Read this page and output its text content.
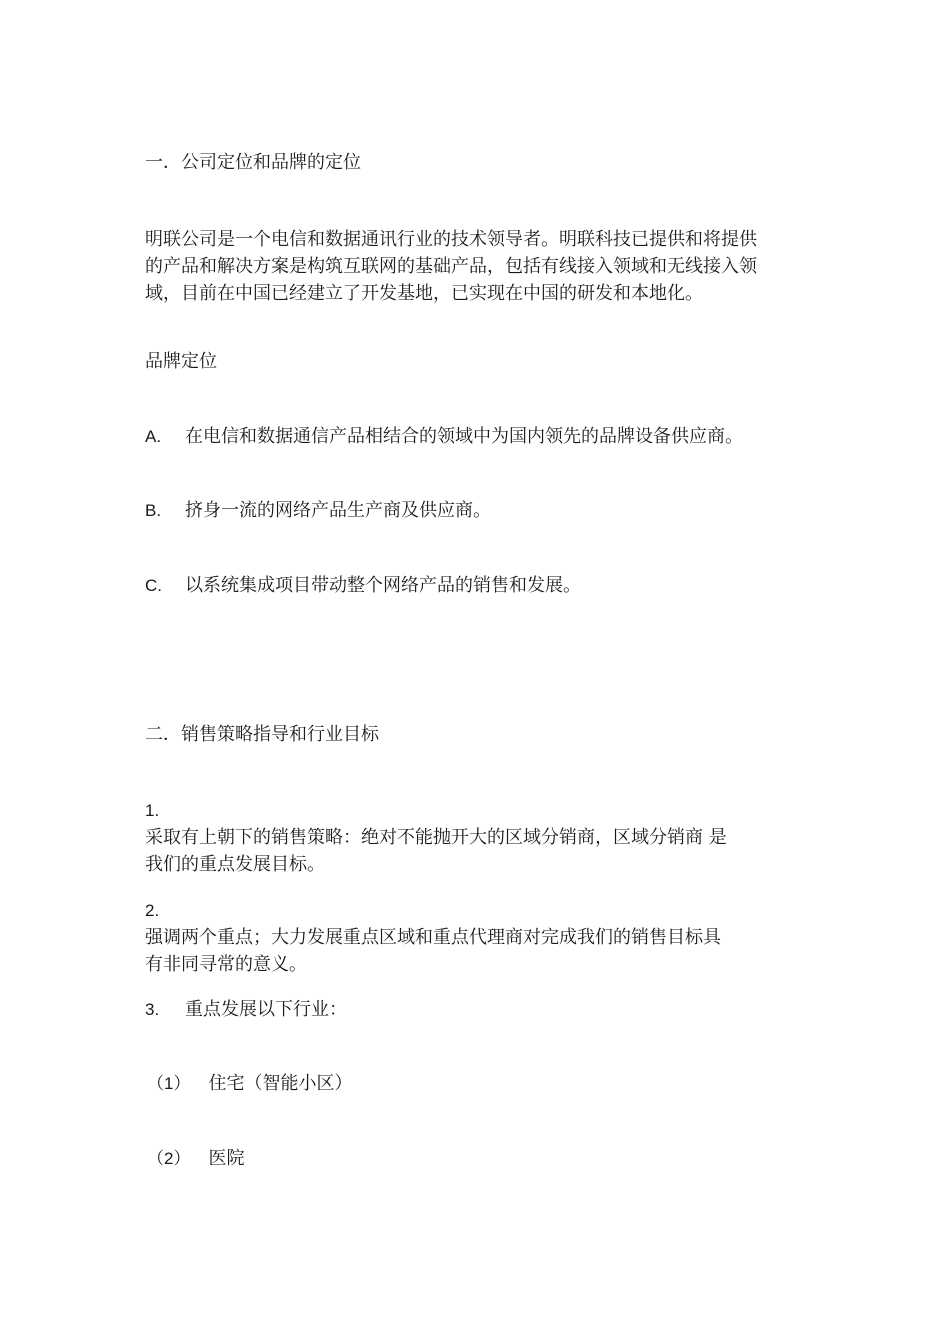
一．公司定位和品牌的定位
明联公司是一个电信和数据通讯行业的技术领导者。明联科技已提供和将提供
的产品和解决方案是构筑互联网的基础产品，包括有线接入领域和无线接入领
域，目前在中国已经建立了开发基地，已实现在中国的研发和本地化。
品牌定位
A. 在电信和数据通信产品相结合的领域中为国内领先的品牌设备供应商。
B. 挤身一流的网络产品生产商及供应商。
C. 以系统集成项目带动整个网络产品的销售和发展。
二．销售策略指导和行业目标
1.
采取有上朝下的销售策略：绝对不能抛开大的区域分销商，区域分销商 是
我们的重点发展目标。
2.
强调两个重点；大力发展重点区域和重点代理商对完成我们的销售目标具
有非同寻常的意义。
3. 重点发展以下行业：
（1） 住宅（智能小区）
（2） 医院
